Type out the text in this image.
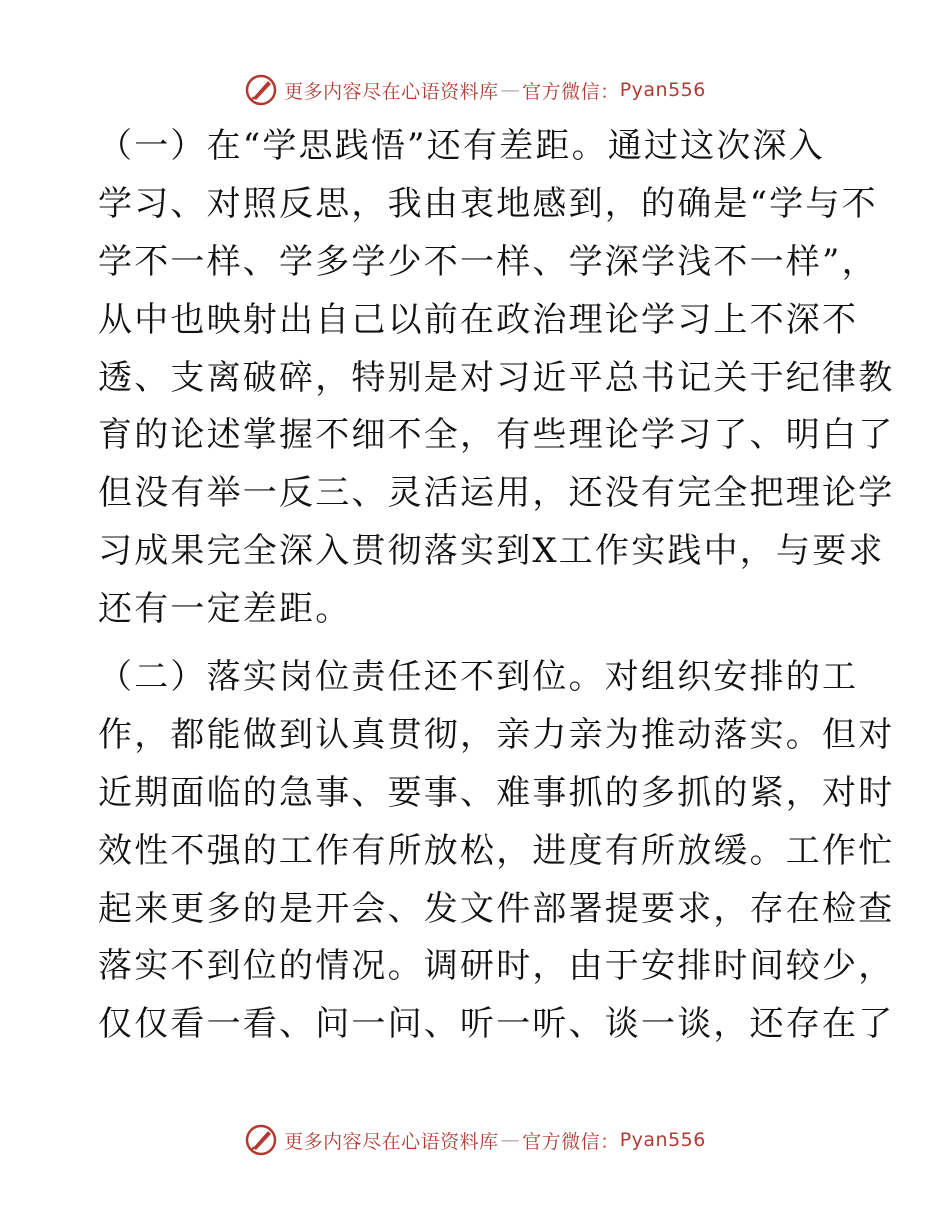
更多内容尽在心语资料库 — 官方微信： Pyan556

（一）在“学思践悟”还有差距。通过这次深入
学习、对照反思，我由衷地感到，的确是“学与不
学不一样、学多学少不一样、学深学浅不一样”，
从中也映射出自己以前在政治理论学习上不深不
透、支离破碎，特别是对习近平总书记关于纪律教
育的论述掌握不细不全，有些理论学习了、明白了
但没有举一反三、灵活运用，还没有完全把理论学
习成果完全深入贯彻落实到X工作实践中，与要求
还有一定差距。

（二）落实岗位责任还不到位。对组织安排的工
作，都能做到认真贯彻，亲力亲为推动落实。但对
近期面临的急事、要事、难事抓的多抓的紧，对时
效性不强的工作有所放松，进度有所放缓。工作忙
起来更多的是开会、发文件部署提要求，存在检查
落实不到位的情况。调研时，由于安排时间较少，
仅仅看一看、问一问、听一听、谈一谈，还存在了

更多内容尽在心语资料库 — 官方微信： Pyan556
